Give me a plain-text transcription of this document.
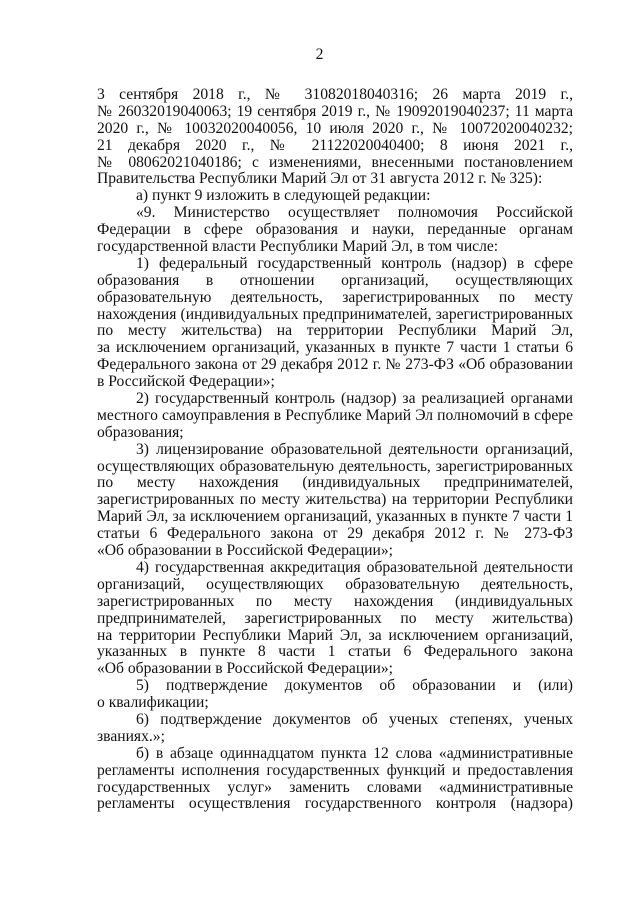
2
3 сентября 2018 г., № 31082018040316; 26 марта 2019 г.,
№ 26032019040063; 19 сентября 2019 г., № 19092019040237; 11 марта
2020 г., № 10032020040056, 10 июля 2020 г., № 10072020040232;
21 декабря 2020 г., № 21122020040400; 8 июня 2021 г.,
№ 08062021040186; с изменениями, внесенными постановлением
Правительства Республики Марий Эл от 31 августа 2012 г. № 325):
а) пункт 9 изложить в следующей редакции:
«9. Министерство осуществляет полномочия Российской
Федерации в сфере образования и науки, переданные органам
государственной власти Республики Марий Эл, в том числе:
1) федеральный государственный контроль (надзор) в сфере
образования в отношении организаций, осуществляющих
образовательную деятельность, зарегистрированных по месту
нахождения (индивидуальных предпринимателей, зарегистрированных
по месту жительства) на территории Республики Марий Эл,
за исключением организаций, указанных в пункте 7 части 1 статьи 6
Федерального закона от 29 декабря 2012 г. № 273-ФЗ «Об образовании
в Российской Федерации»;
2) государственный контроль (надзор) за реализацией органами
местного самоуправления в Республике Марий Эл полномочий в сфере
образования;
3) лицензирование образовательной деятельности организаций,
осуществляющих образовательную деятельность, зарегистрированных
по месту нахождения (индивидуальных предпринимателей,
зарегистрированных по месту жительства) на территории Республики
Марий Эл, за исключением организаций, указанных в пункте 7 части 1
статьи 6 Федерального закона от 29 декабря 2012 г. № 273-ФЗ
«Об образовании в Российской Федерации»;
4) государственная аккредитация образовательной деятельности
организаций, осуществляющих образовательную деятельность,
зарегистрированных по месту нахождения (индивидуальных
предпринимателей, зарегистрированных по месту жительства)
на территории Республики Марий Эл, за исключением организаций,
указанных в пункте 8 части 1 статьи 6 Федерального закона
«Об образовании в Российской Федерации»;
5) подтверждение документов об образовании и (или)
о квалификации;
6) подтверждение документов об ученых степенях, ученых
званиях.»;
б) в абзаце одиннадцатом пункта 12 слова «административные
регламенты исполнения государственных функций и предоставления
государственных услуг» заменить словами «административные
регламенты осуществления государственного контроля (надзора)
